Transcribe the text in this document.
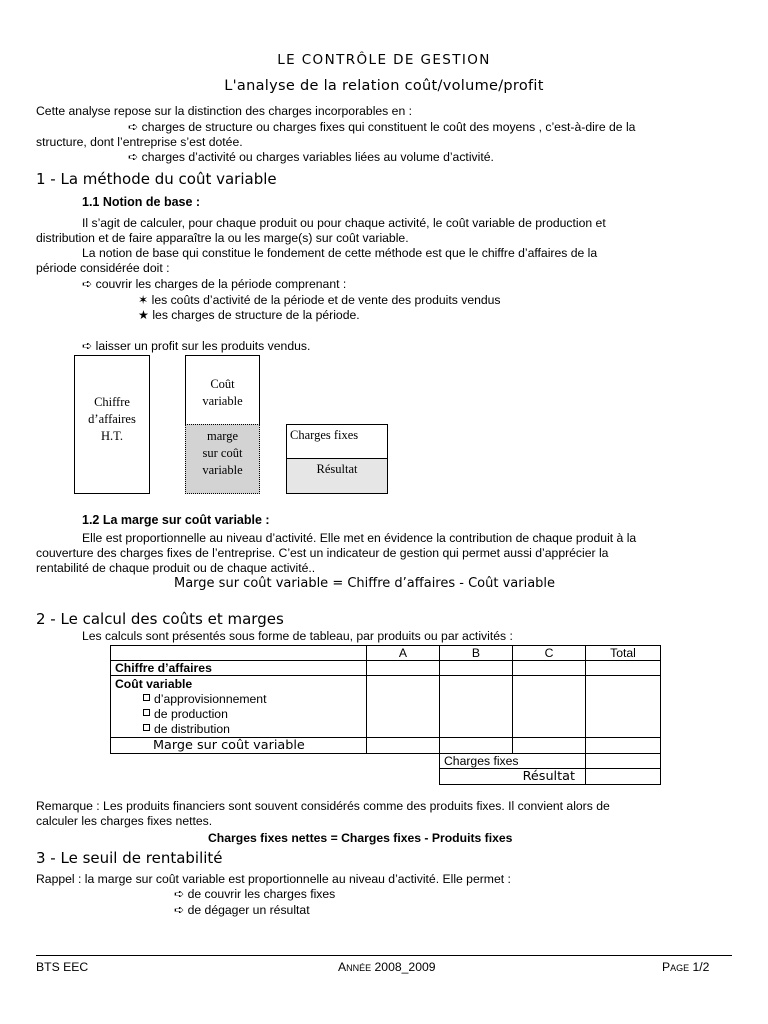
LE CONTRÔLE DE GESTION
L'analyse de la relation coût/volume/profit
Cette analyse repose sur la distinction des charges incorporables en :
➪ charges de structure ou charges fixes qui constituent le coût des moyens , c’est-à-dire de la
structure, dont l’entreprise s’est dotée.
➪ charges d’activité ou charges variables liées au volume d’activité.
1 - La méthode du coût variable
1.1 Notion de base :
Il s’agit de calculer, pour chaque produit ou pour chaque activité, le coût variable de production et
distribution et de faire apparaître la ou les marge(s) sur coût variable.
La notion de base qui constitue le fondement de cette méthode est que le chiffre d’affaires de la
période considérée doit :
➪ couvrir les charges de la période comprenant :
✶ les coûts d’activité de la période et de vente des produits vendus
★ les charges de structure de la période.
➪ laisser un profit sur les produits vendus.
Chiffre
d’affaires
H.T.
Coût
variable
marge
sur coût
variable
Charges fixes
Résultat
1.2 La marge sur coût variable :
Elle est proportionnelle au niveau d’activité. Elle met en évidence la contribution de chaque produit à la
couverture des charges fixes de l’entreprise. C’est un indicateur de gestion qui permet aussi d’apprécier la
rentabilité de chaque produit ou de chaque activité..
Marge sur coût variable = Chiffre d’affaires - Coût variable
2 - Le calcul des coûts et marges
Les calculs sont présentés sous forme de tableau, par produits ou par activités :
	A	B	C	Total
Chiffre d’affaires				

Coût variable
d’approvisionnement
de production
de distribution				

Marge sur coût variable				
		Charges fixes		
		Résultat		
Remarque : Les produits financiers sont souvent considérés comme des produits fixes. Il convient alors de
calculer les charges fixes nettes.
Charges fixes nettes = Charges fixes - Produits fixes
3 - Le seuil de rentabilité
Rappel : la marge sur coût variable est proportionnelle au niveau d’activité. Elle permet :
➪ de couvrir les charges fixes
➪ de dégager un résultat
BTS EEC	Année 2008_2009	Page 1/2
